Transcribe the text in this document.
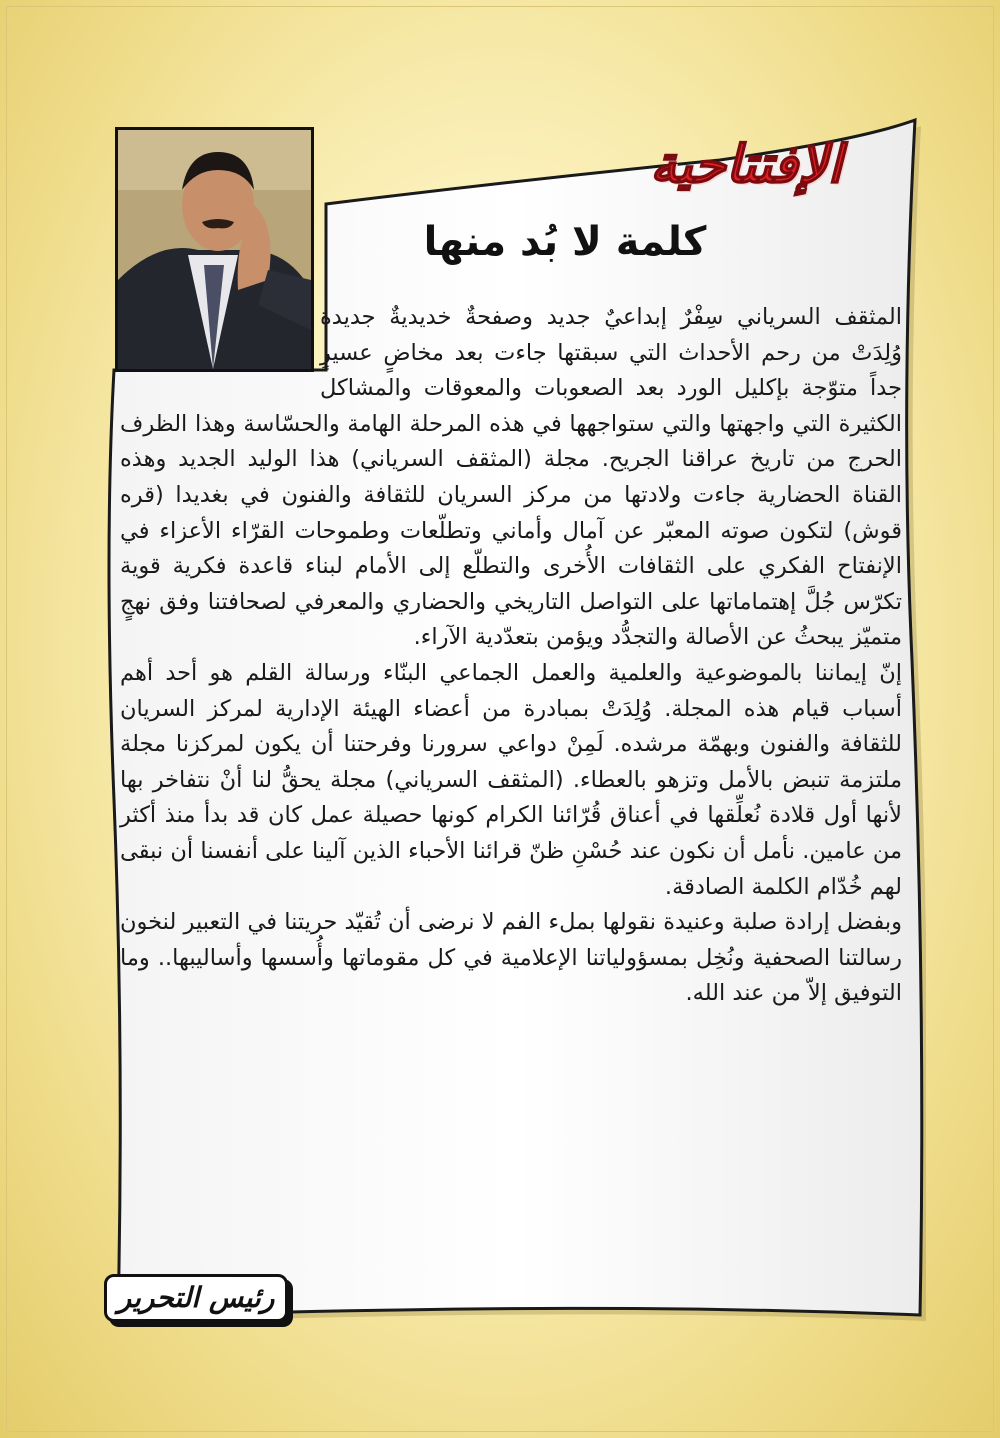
الإفتتاحية
كلمة لا بُد منها

المثقف السرياني سِفْرٌ إبداعيٌ جديد وصفحةٌ خديديةٌ جديدة وُلِدَتْ من رحم الأحداث التي سبقتها جاءت بعد مخاضٍ عسيرٍ جداً متوّجة بإكليل الورد بعد الصعوبات والمعوقات والمشاكل الكثيرة التي واجهتها والتي ستواجهها في هذه المرحلة الهامة والحسّاسة وهذا الظرف الحرج من تاريخ عراقنا الجريح. مجلة (المثقف السرياني) هذا الوليد الجديد وهذه القناة الحضارية جاءت ولادتها من مركز السريان للثقافة والفنون في بغديدا (قره قوش) لتكون صوته المعبّر عن آمال وأماني وتطلّعات وطموحات القرّاء الأعزاء في الإنفتاح الفكري على الثقافات الأُخرى والتطلّع إلى الأمام لبناء قاعدة فكرية قوية تكرّس جُلَّ إهتماماتها على التواصل التاريخي والحضاري والمعرفي لصحافتنا وفق نهجٍ متميّز يبحثُ عن الأصالة والتجدُّد ويؤمن بتعدّدية الآراء.

إنّ إيماننا بالموضوعية والعلمية والعمل الجماعي البنّاء ورسالة القلم هو أحد أهم أسباب قيام هذه المجلة. وُلِدَتْ بمبادرة من أعضاء الهيئة الإدارية لمركز السريان للثقافة والفنون وبهمّة مرشده. لَمِنْ دواعي سرورنا وفرحتنا أن يكون لمركزنا مجلة ملتزمة تنبض بالأمل وتزهو بالعطاء. (المثقف السرياني) مجلة يحقُّ لنا أنْ نتفاخر بها لأنها أول قلادة نُعلِّقها في أعناق قُرّائنا الكرام كونها حصيلة عمل كان قد بدأ منذ أكثر من عامين. نأمل أن نكون عند حُسْنِ ظنّ قرائنا الأحباء الذين آلينا على أنفسنا أن نبقى لهم خُدّام الكلمة الصادقة.

وبفضل إرادة صلبة وعنيدة نقولها بملء الفم لا نرضى أن تُقيّد حريتنا في التعبير لنخون رسالتنا الصحفية ونُخِل بمسؤولياتنا الإعلامية في كل مقوماتها وأُسسها وأساليبها.. وما التوفيق إلاّ من عند الله.

رئيس التحرير
